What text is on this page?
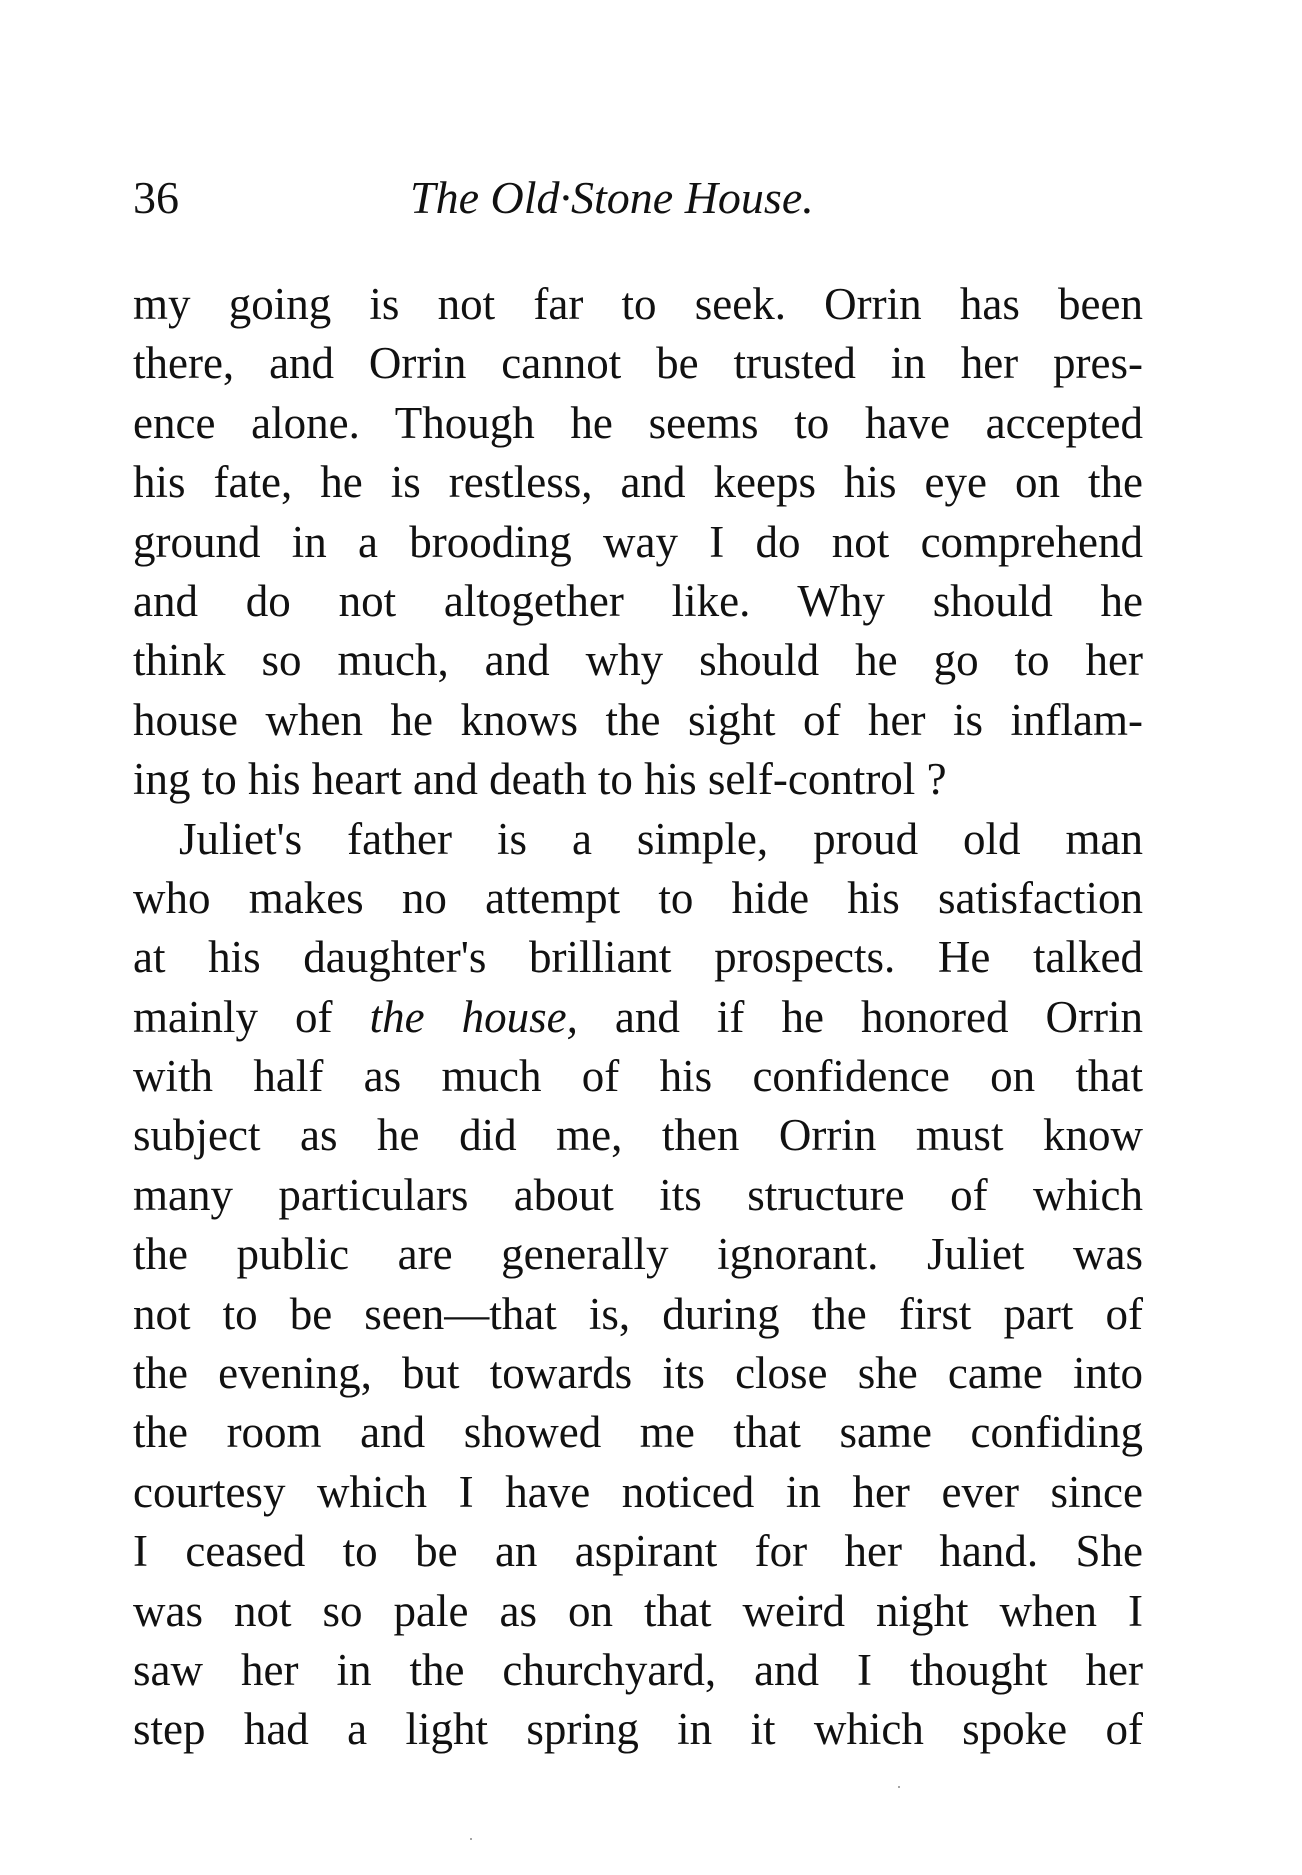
36	The Old·Stone House.
my going is not far to seek. Orrin has been
there, and Orrin cannot be trusted in her pres-
ence alone. Though he seems to have accepted
his fate, he is restless, and keeps his eye on the
ground in a brooding way I do not comprehend
and do not altogether like. Why should he
think so much, and why should he go to her
house when he knows the sight of her is inflam-
ing to his heart and death to his self-control ?
Juliet's father is a simple, proud old man
who makes no attempt to hide his satisfaction
at his daughter's brilliant prospects. He talked
mainly of the house, and if he honored Orrin
with half as much of his confidence on that
subject as he did me, then Orrin must know
many particulars about its structure of which
the public are generally ignorant. Juliet was
not to be seen—that is, during the first part of
the evening, but towards its close she came into
the room and showed me that same confiding
courtesy which I have noticed in her ever since
I ceased to be an aspirant for her hand. She
was not so pale as on that weird night when I
saw her in the churchyard, and I thought her
step had a light spring in it which spoke of
